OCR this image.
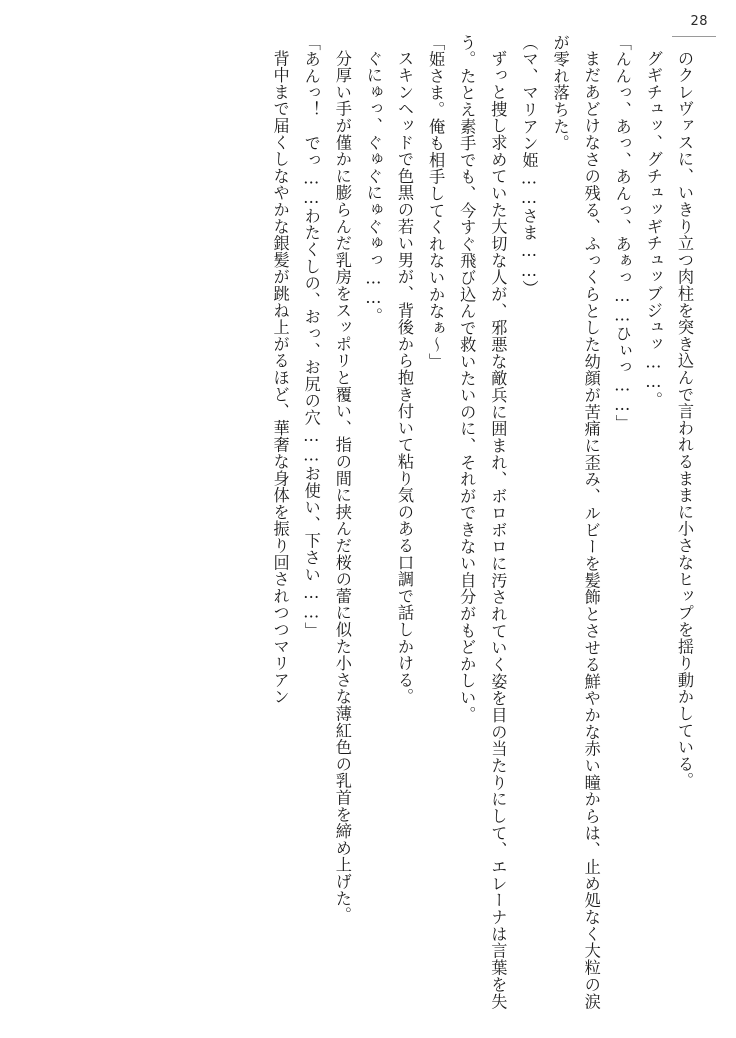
28

のクレヴァスに、いきり立つ肉柱を突き込んで言われるままに小さなヒップを揺り動かしている。

グギチュッ、グチュッギチュッブジュッ……。

「んんっ、あっ、あんっ、あぁっ……ひぃっ……」

まだあどけなさの残る、ふっくらとした幼顔が苦痛に歪み、ルビーを髪飾とさせる鮮やかな赤い瞳からは、止め処なく大粒の涙が零れ落ちた。

（マ、マリアン姫……さま……）

ずっと捜し求めていた大切な人が、邪悪な敵兵に囲まれ、ボロボロに汚されていく姿を目の当たりにして、エレーナは言葉を失う。たとえ素手でも、今すぐ飛び込んで救いたいのに、それができない自分がもどかしい。

「姫さま。俺も相手してくれないかなぁ～」

スキンヘッドで色黒の若い男が、背後から抱き付いて粘り気のある口調で話しかける。

ぐにゅっ、ぐゅぐにゅぐゅっ……。

分厚い手が僅かに膨らんだ乳房をスッポリと覆い、指の間に挟んだ桜の蕾に似た小さな薄紅色の乳首を締め上げた。

「あんっ！　でっ……わたくしの、おっ、お尻の穴……お使い、下さい……」

背中まで届くしなやかな銀髪が跳ね上がるほど、華奢な身体を振り回されつつマリアン
